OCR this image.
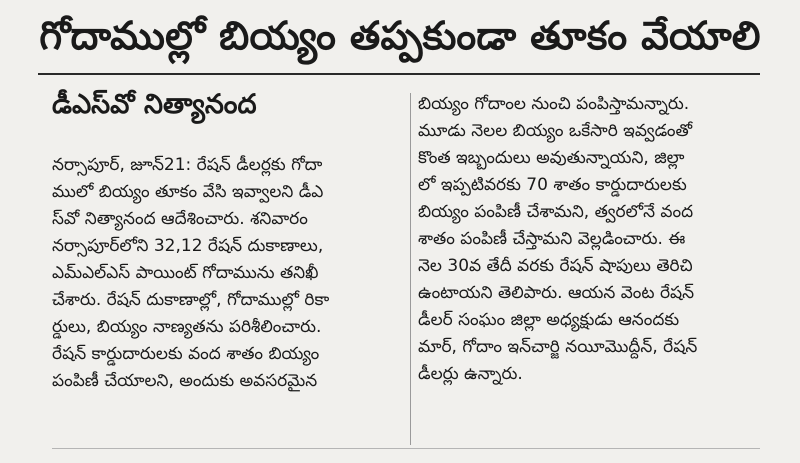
గోదాముల్లో బియ్యం తప్పకుండా తూకం వేయాలి
డీఎస్‌వో నిత్యానంద
నర్సాపూర్, జూన్21: రేషన్ డీలర్లకు గోదా
ములో బియ్యం తూకం వేసి ఇవ్వాలని డీఎ
స్‌వో నిత్యానంద ఆదేశించారు. శనివారం
నర్సాపూర్‌లోని 32,12 రేషన్ దుకాణాలు,
ఎమ్ఎల్ఎస్ పాయింట్ గోదామును తనిఖీ
చేశారు. రేషన్ దుకాణాల్లో, గోదాముల్లో రికా
ర్డులు, బియ్యం నాణ్యతను పరిశీలించారు.
రేషన్ కార్డుదారులకు వంద శాతం బియ్యం
పంపిణీ చేయాలని, అందుకు అవసరమైన
బియ్యం గోదాంల నుంచి పంపిస్తామన్నారు.
మూడు నెలల బియ్యం ఒకేసారి ఇవ్వడంతో
కొంత ఇబ్బందులు అవుతున్నాయని, జిల్లా
లో ఇప్పటివరకు 70 శాతం కార్డుదారులకు
బియ్యం పంపిణీ చేశామని, త్వరలోనే వంద
శాతం పంపిణీ చేస్తామని వెల్లడించారు. ఈ
నెల 30వ తేదీ వరకు రేషన్ షాపులు తెరిచి
ఉంటాయని తెలిపారు. ఆయన వెంట రేషన్
డీలర్ సంఘం జిల్లా అధ్యక్షుడు ఆనందకు
మార్, గోదాం ఇన్‌చార్జి నయీమొద్దీన్, రేషన్
డీలర్లు ఉన్నారు.
